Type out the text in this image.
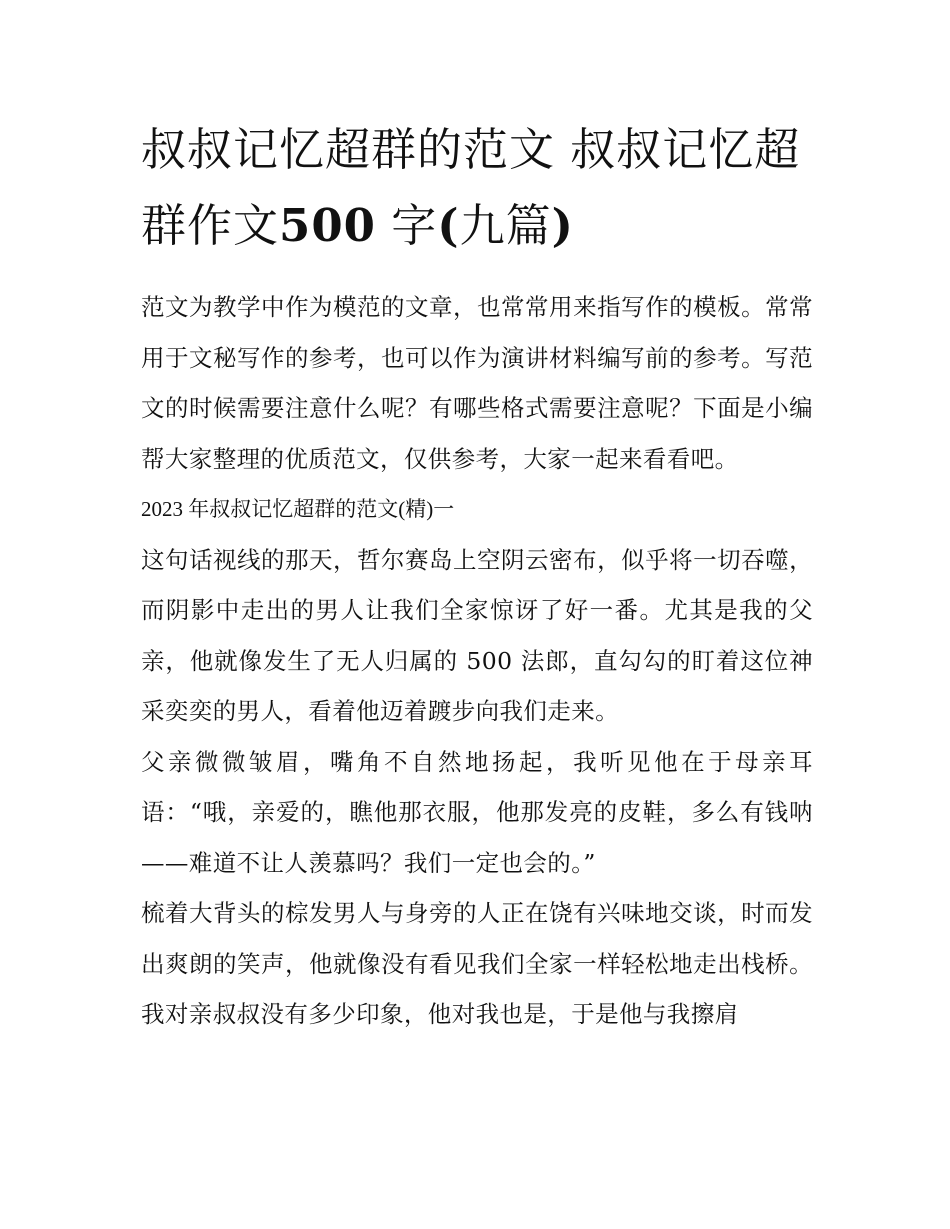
叔叔记忆超群的范文 叔叔记忆超群作文500 字(九篇)

范文为教学中作为模范的文章，也常常用来指写作的模板。常常用于文秘写作的参考，也可以作为演讲材料编写前的参考。写范文的时候需要注意什么呢？有哪些格式需要注意呢？下面是小编帮大家整理的优质范文，仅供参考，大家一起来看看吧。

2023 年叔叔记忆超群的范文(精)一

这句话视线的那天，哲尔赛岛上空阴云密布，似乎将一切吞噬，而阴影中走出的男人让我们全家惊讶了好一番。尤其是我的父亲，他就像发生了无人归属的 500 法郎，直勾勾的盯着这位神采奕奕的男人，看着他迈着踱步向我们走来。

父亲微微皱眉，嘴角不自然地扬起，我听见他在于母亲耳语：“哦，亲爱的，瞧他那衣服，他那发亮的皮鞋，多么有钱呐——难道不让人羡慕吗？我们一定也会的。”

梳着大背头的棕发男人与身旁的人正在饶有兴味地交谈，时而发出爽朗的笑声，他就像没有看见我们全家一样轻松地走出栈桥。我对亲叔叔没有多少印象，他对我也是，于是他与我擦肩
